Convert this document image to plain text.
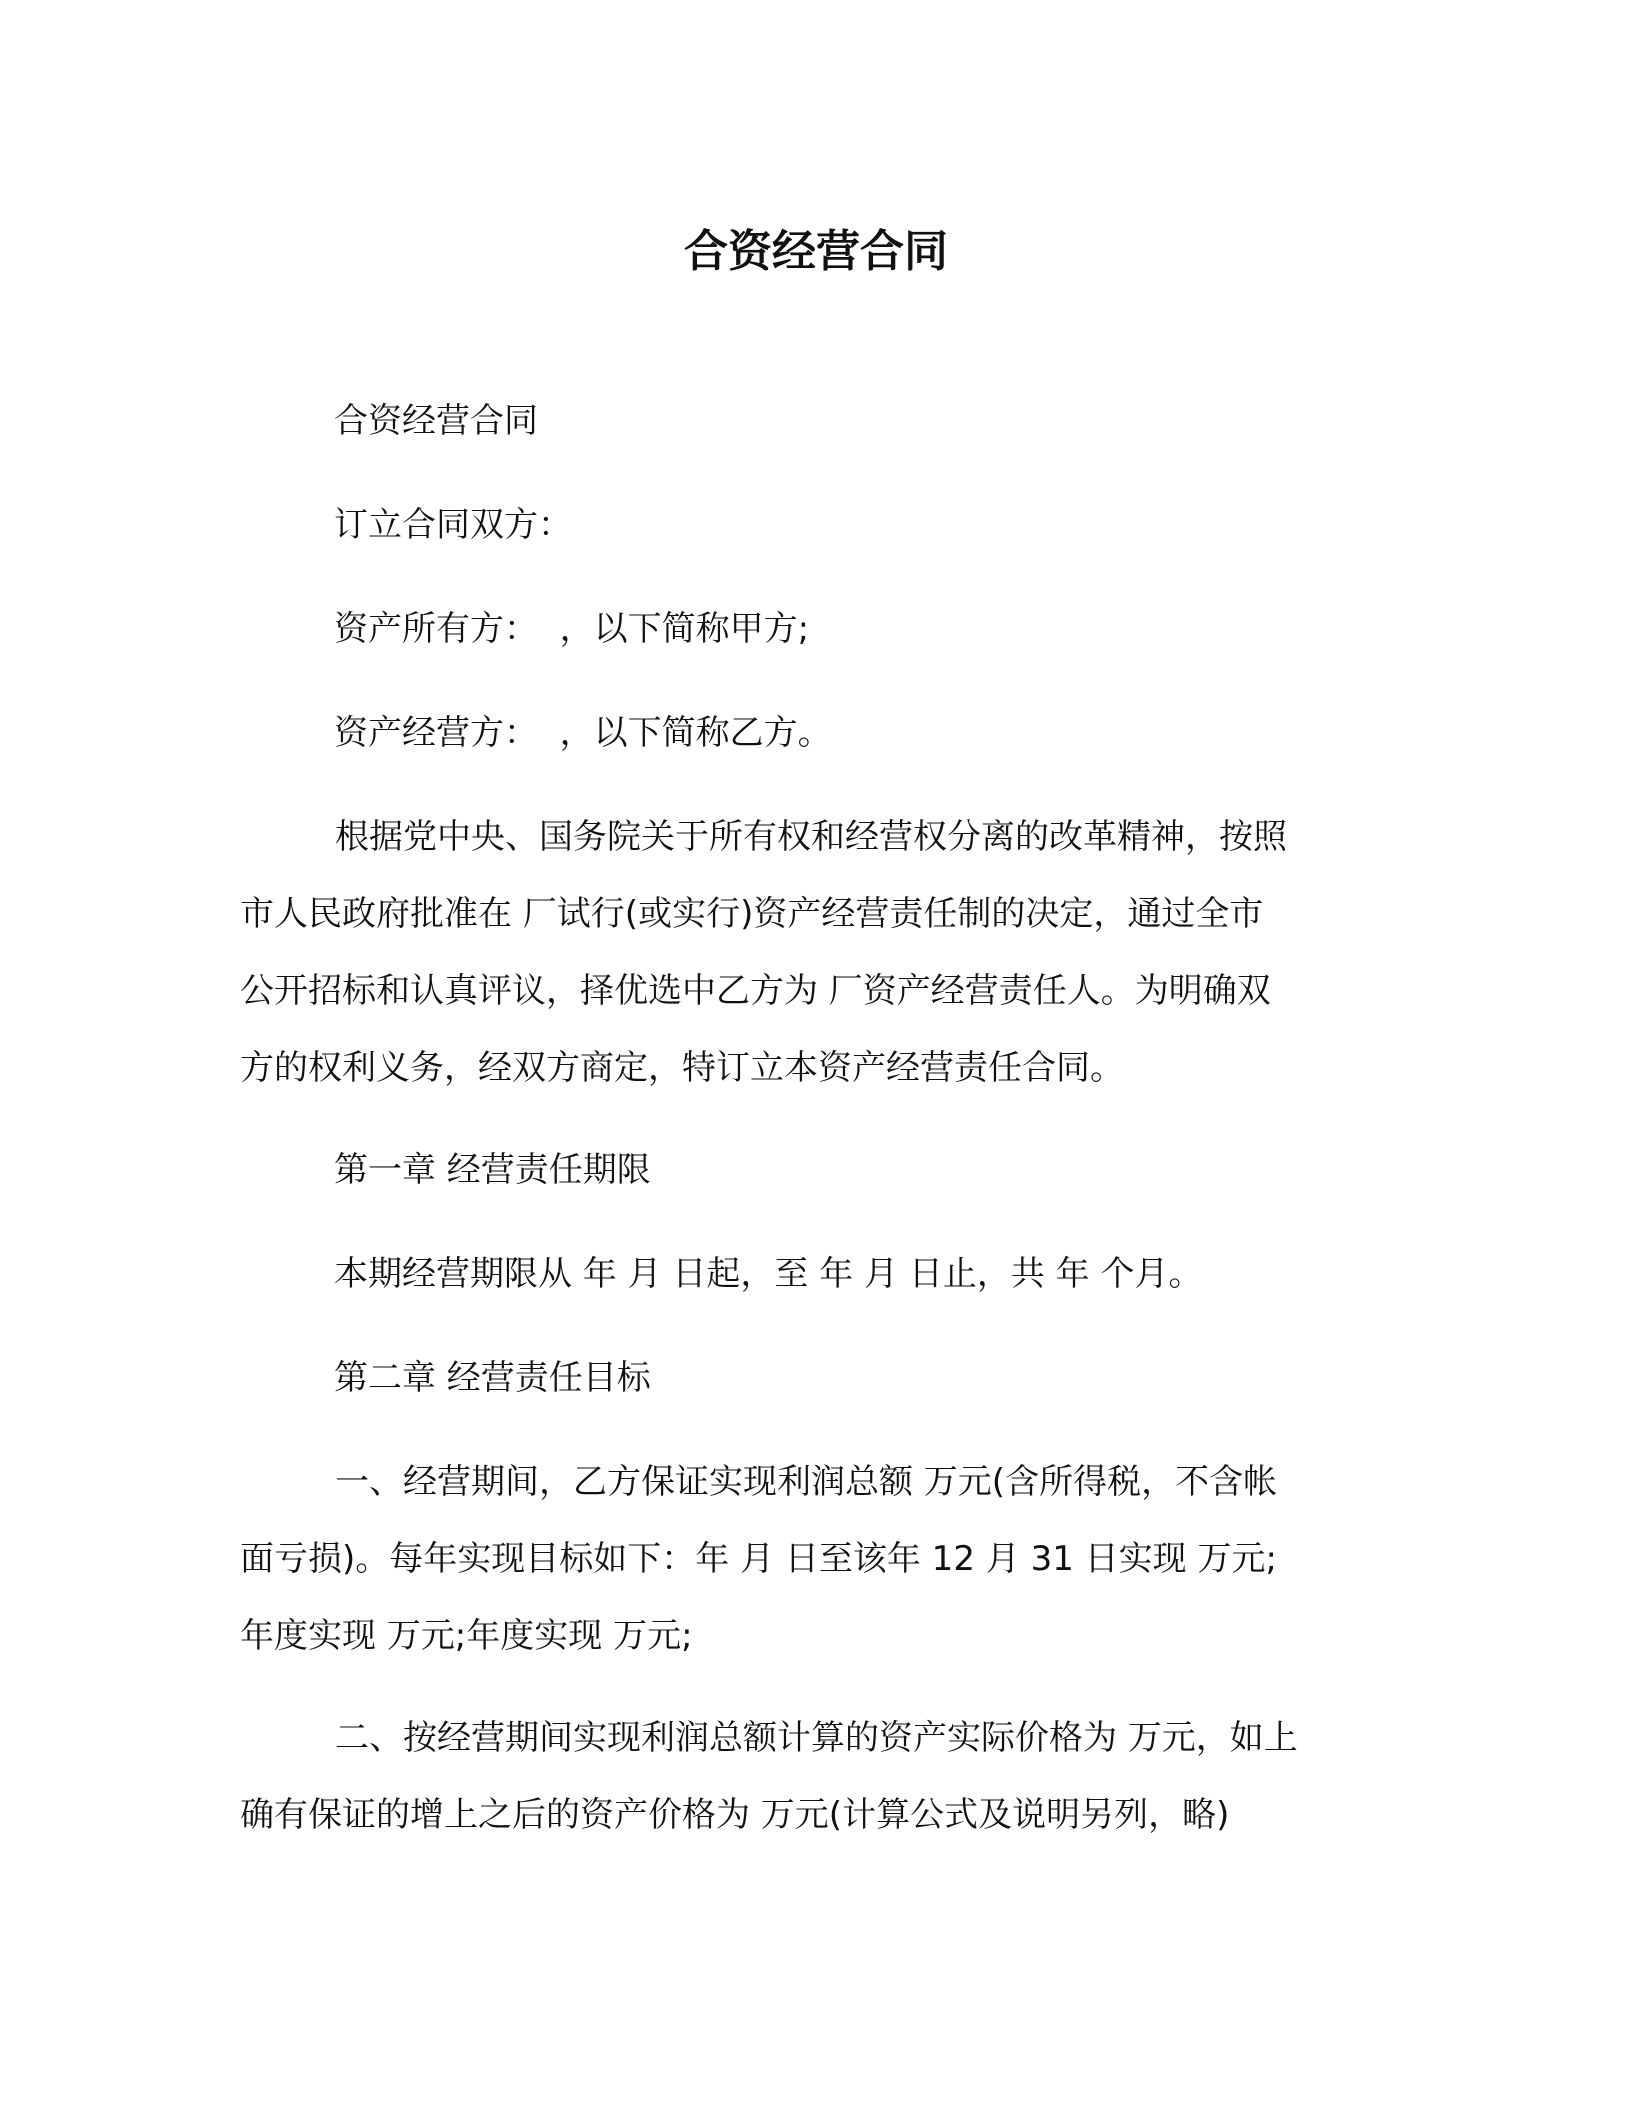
合资经营合同
合资经营合同
订立合同双方：
资产所有方：  ，以下简称甲方;
资产经营方：  ，以下简称乙方。
根据党中央、国务院关于所有权和经营权分离的改革精神，按照
市人民政府批准在 厂试行(或实行)资产经营责任制的决定，通过全市
公开招标和认真评议，择优选中乙方为 厂资产经营责任人。为明确双
方的权利义务，经双方商定，特订立本资产经营责任合同。
第一章 经营责任期限
本期经营期限从 年 月 日起，至 年 月 日止，共 年 个月。
第二章 经营责任目标
一、经营期间，乙方保证实现利润总额 万元(含所得税，不含帐
面亏损)。每年实现目标如下：年 月 日至该年 12 月 31 日实现 万元;
年度实现 万元;年度实现 万元;
二、按经营期间实现利润总额计算的资产实际价格为 万元，如上
确有保证的增上之后的资产价格为 万元(计算公式及说明另列，略)
